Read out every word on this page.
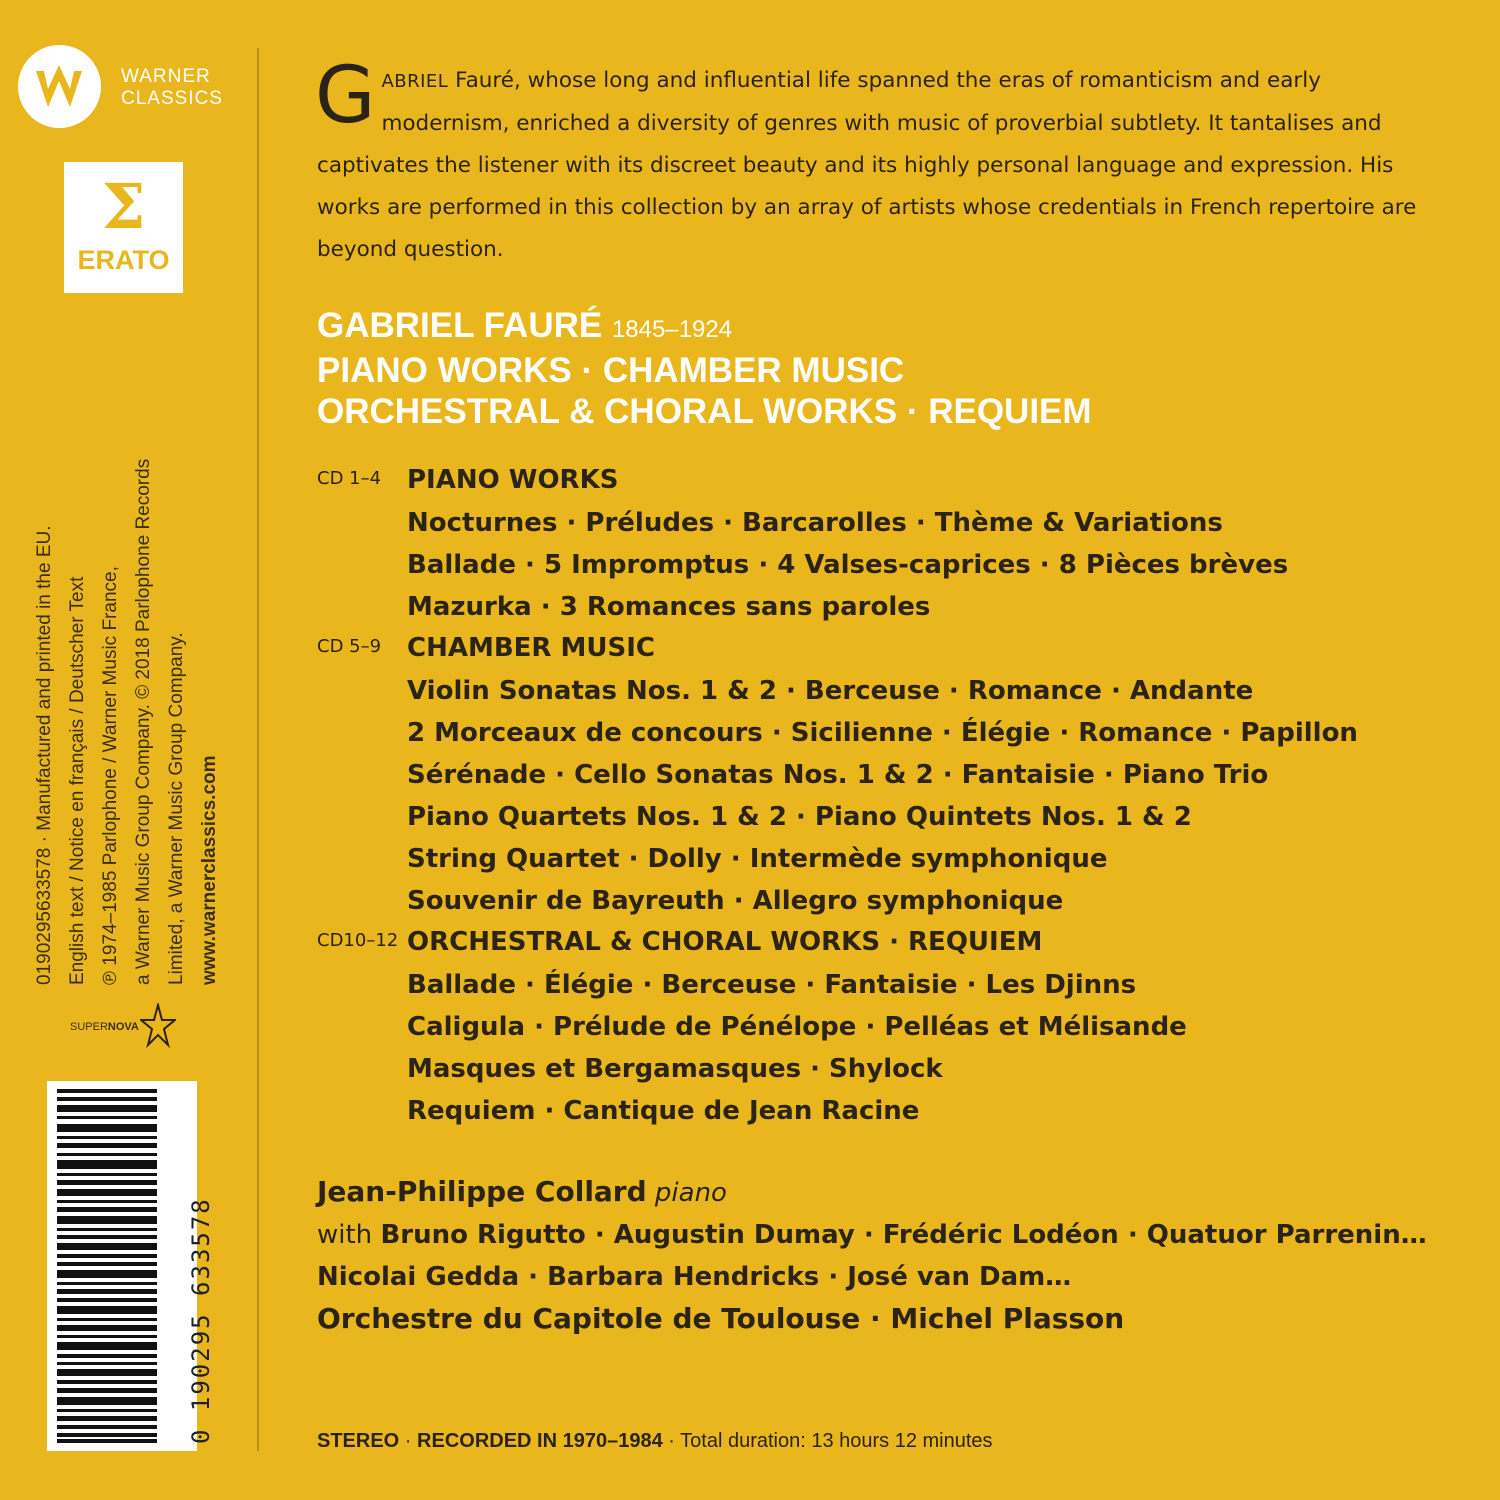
WARNER
CLASSICS
Σ
ERATO
0190295633578 · Manufactured and printed in the EU. English text / Notice en français / Deutscher Text ℗ 1974–1985 Parlophone / Warner Music France, a Warner Music Group Company. © 2018 Parlophone Records Limited, a Warner Music Group Company. www.warnerclassics.com
SUPERNOVA
0 190295 633578
GABRIEL Fauré, whose long and influential life spanned the eras of romanticism and early modernism, enriched a diversity of genres with music of proverbial subtlety. It tantalises and captivates the listener with its discreet beauty and its highly personal language and expression. His works are performed in this collection by an array of artists whose credentials in French repertoire are beyond question.
GABRIEL FAURÉ 1845–1924
PIANO WORKS · CHAMBER MUSIC
ORCHESTRAL & CHORAL WORKS · REQUIEM
CD 1–4 PIANO WORKS
Nocturnes · Préludes · Barcarolles · Thème & Variations
Ballade · 5 Impromptus · 4 Valses-caprices · 8 Pièces brèves
Mazurka · 3 Romances sans paroles
CD 5–9 CHAMBER MUSIC
Violin Sonatas Nos. 1 & 2 · Berceuse · Romance · Andante
2 Morceaux de concours · Sicilienne · Élégie · Romance · Papillon
Sérénade · Cello Sonatas Nos. 1 & 2 · Fantaisie · Piano Trio
Piano Quartets Nos. 1 & 2 · Piano Quintets Nos. 1 & 2
String Quartet · Dolly · Intermède symphonique
Souvenir de Bayreuth · Allegro symphonique
CD10–12 ORCHESTRAL & CHORAL WORKS · REQUIEM
Ballade · Élégie · Berceuse · Fantaisie · Les Djinns
Caligula · Prélude de Pénélope · Pelléas et Mélisande
Masques et Bergamasques · Shylock
Requiem · Cantique de Jean Racine
Jean-Philippe Collard piano
with Bruno Rigutto · Augustin Dumay · Frédéric Lodéon · Quatuor Parrenin…
Nicolai Gedda · Barbara Hendricks · José van Dam…
Orchestre du Capitole de Toulouse · Michel Plasson
STEREO · RECORDED IN 1970–1984 · Total duration: 13 hours 12 minutes
